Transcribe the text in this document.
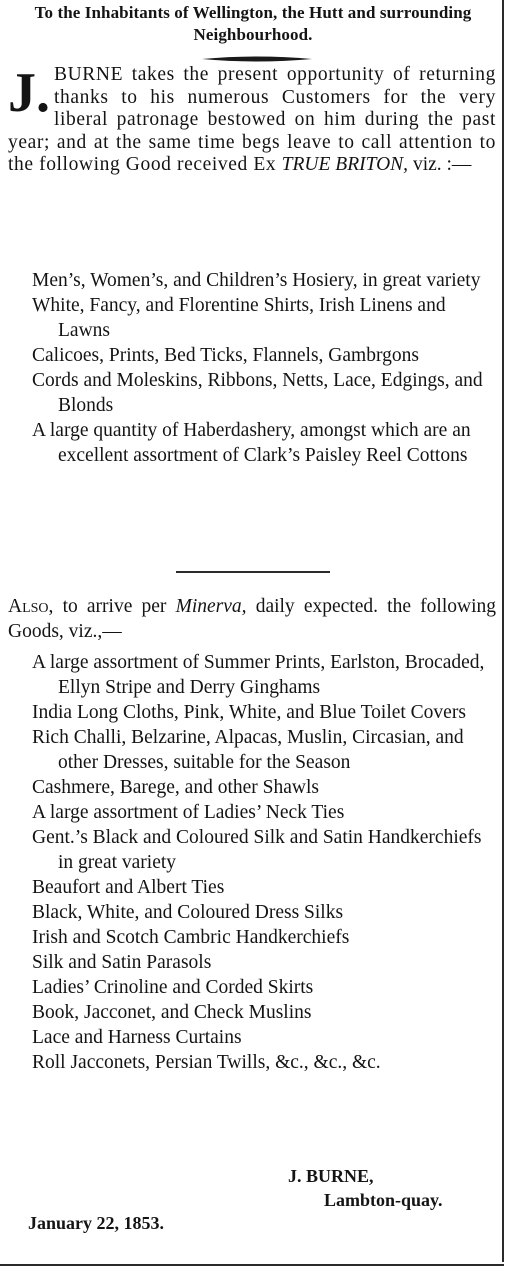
To the Inhabitants of Wellington, the Hutt and surrounding Neighbourhood.
J. BURNE takes the present opportunity of returning thanks to his numerous Customers for the very liberal patronage bestowed on him during the past year; and at the same time begs leave to call attention to the following Good received Ex TRUE BRITON, viz. :—
Men’s, Women’s, and Children’s Hosiery, in great variety
White, Fancy, and Florentine Shirts, Irish Linens and Lawns
Calicoes, Prints, Bed Ticks, Flannels, Gambrgons
Cords and Moleskins, Ribbons, Netts, Lace, Edgings, and Blonds
A large quantity of Haberdashery, amongst which are an excellent assortment of Clark’s Paisley Reel Cottons
Also, to arrive per Minerva, daily expected. the following Goods, viz.,—
A large assortment of Summer Prints, Earlston, Brocaded, Ellyn Stripe and Derry Ginghams
India Long Cloths, Pink, White, and Blue Toilet Covers
Rich Challi, Belzarine, Alpacas, Muslin, Circasian, and other Dresses, suitable for the Season
Cashmere, Barege, and other Shawls
A large assortment of Ladies’ Neck Ties
Gent.’s Black and Coloured Silk and Satin Handkerchiefs in great variety
Beaufort and Albert Ties
Black, White, and Coloured Dress Silks
Irish and Scotch Cambric Handkerchiefs
Silk and Satin Parasols
Ladies’ Crinoline and Corded Skirts
Book, Jacconet, and Check Muslins
Lace and Harness Curtains
Roll Jacconets, Persian Twills, &c., &c., &c.
J. BURNE,
Lambton-quay.
January 22, 1853.
